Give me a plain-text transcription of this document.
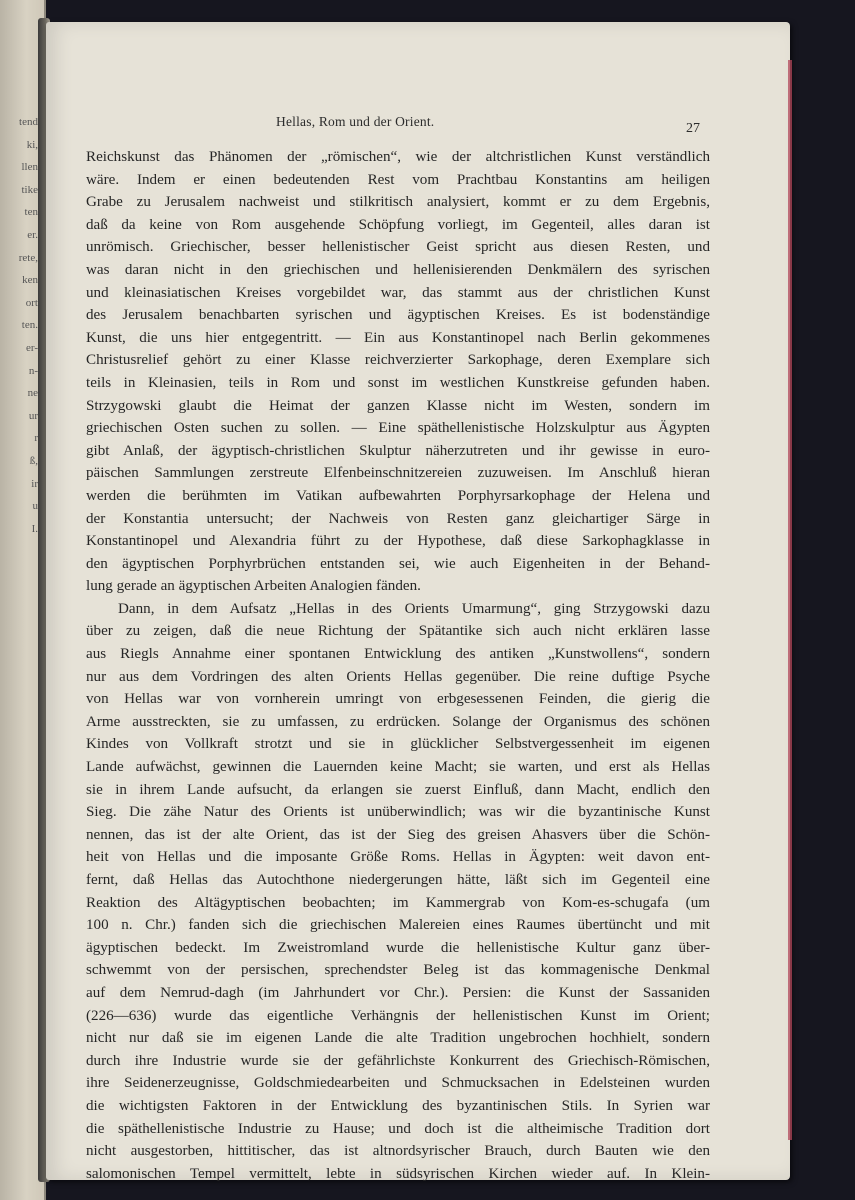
tend
ki,
llen
tike
ten
er.
rete,
ken
ort
ten.
er-
n-
ne
ur
r
ß,
ir
u
I.
Hellas, Rom und der Orient.	27
Reichskunst das Phänomen der „römischen“, wie der altchristlichen Kunst verständlich
wäre. Indem er einen bedeutenden Rest vom Prachtbau Konstantins am heiligen
Grabe zu Jerusalem nachweist und stilkritisch analysiert, kommt er zu dem Ergebnis,
daß da keine von Rom ausgehende Schöpfung vorliegt, im Gegenteil, alles daran ist
unrömisch. Griechischer, besser hellenistischer Geist spricht aus diesen Resten, und
was daran nicht in den griechischen und hellenisierenden Denkmälern des syrischen
und kleinasiatischen Kreises vorgebildet war, das stammt aus der christlichen Kunst
des Jerusalem benachbarten syrischen und ägyptischen Kreises. Es ist bodenständige
Kunst, die uns hier entgegentritt. — Ein aus Konstantinopel nach Berlin gekommenes
Christusrelief gehört zu einer Klasse reichverzierter Sarkophage, deren Exemplare sich
teils in Kleinasien, teils in Rom und sonst im westlichen Kunstkreise gefunden haben.
Strzygowski glaubt die Heimat der ganzen Klasse nicht im Westen, sondern im
griechischen Osten suchen zu sollen. — Eine späthellenistische Holzskulptur aus Ägypten
gibt Anlaß, der ägyptisch-christlichen Skulptur näherzutreten und ihr gewisse in euro-
päischen Sammlungen zerstreute Elfenbeinschnitzereien zuzuweisen. Im Anschluß hieran
werden die berühmten im Vatikan aufbewahrten Porphyrsarkophage der Helena und
der Konstantia untersucht; der Nachweis von Resten ganz gleichartiger Särge in
Konstantinopel und Alexandria führt zu der Hypothese, daß diese Sarkophagklasse in
den ägyptischen Porphyrbrüchen entstanden sei, wie auch Eigenheiten in der Behand-
lung gerade an ägyptischen Arbeiten Analogien fänden.
Dann, in dem Aufsatz „Hellas in des Orients Umarmung“, ging Strzygowski dazu
über zu zeigen, daß die neue Richtung der Spätantike sich auch nicht erklären lasse
aus Riegls Annahme einer spontanen Entwicklung des antiken „Kunstwollens“, sondern
nur aus dem Vordringen des alten Orients Hellas gegenüber. Die reine duftige Psyche
von Hellas war von vornherein umringt von erbgesessenen Feinden, die gierig die
Arme ausstreckten, sie zu umfassen, zu erdrücken. Solange der Organismus des schönen
Kindes von Vollkraft strotzt und sie in glücklicher Selbstvergessenheit im eigenen
Lande aufwächst, gewinnen die Lauernden keine Macht; sie warten, und erst als Hellas
sie in ihrem Lande aufsucht, da erlangen sie zuerst Einfluß, dann Macht, endlich den
Sieg. Die zähe Natur des Orients ist unüberwindlich; was wir die byzantinische Kunst
nennen, das ist der alte Orient, das ist der Sieg des greisen Ahasvers über die Schön-
heit von Hellas und die imposante Größe Roms. Hellas in Ägypten: weit davon ent-
fernt, daß Hellas das Autochthone niedergerungen hätte, läßt sich im Gegenteil eine
Reaktion des Altägyptischen beobachten; im Kammergrab von Kom-es-schugafa (um
100 n. Chr.) fanden sich die griechischen Malereien eines Raumes übertüncht und mit
ägyptischen bedeckt. Im Zweistromland wurde die hellenistische Kultur ganz über-
schwemmt von der persischen, sprechendster Beleg ist das kommagenische Denkmal
auf dem Nemrud-dagh (im Jahrhundert vor Chr.). Persien: die Kunst der Sassaniden
(226—636) wurde das eigentliche Verhängnis der hellenistischen Kunst im Orient;
nicht nur daß sie im eigenen Lande die alte Tradition ungebrochen hochhielt, sondern
durch ihre Industrie wurde sie der gefährlichste Konkurrent des Griechisch-Römischen,
ihre Seidenerzeugnisse, Goldschmiedearbeiten und Schmucksachen in Edelsteinen wurden
die wichtigsten Faktoren in der Entwicklung des byzantinischen Stils. In Syrien war
die späthellenistische Industrie zu Hause; und doch ist die altheimische Tradition dort
nicht ausgestorben, hittitischer, das ist altnordsyrischer Brauch, durch Bauten wie den
salomonischen Tempel vermittelt, lebte in südsyrischen Kirchen wieder auf. In Klein-
